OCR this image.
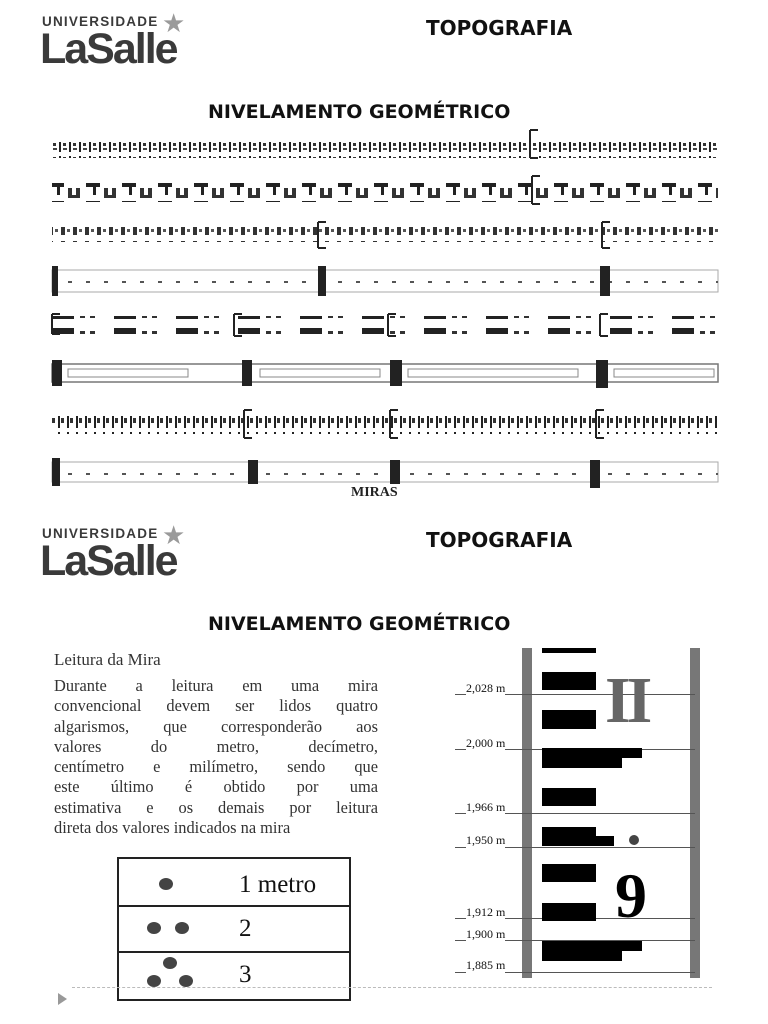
UNIVERSIDADE ★
LaSalle	TOPOGRAFIA
NIVELAMENTO GEOMÉTRICO
MIRAS
UNIVERSIDADE ★
LaSalle	TOPOGRAFIA
NIVELAMENTO GEOMÉTRICO
Leitura da Mira
Durante a leitura em uma mira
convencional devem ser lidos quatro
algarismos, que corresponderão aos
valores do metro, decímetro,
centímetro e milímetro, sendo que
este último é obtido por uma
estimativa e os demais por leitura
direta dos valores indicados na mira
1 metro
2
3
II
9
2,028 m
2,000 m
1,966 m
1,950 m
1,912 m
1,900 m
1,885 m
